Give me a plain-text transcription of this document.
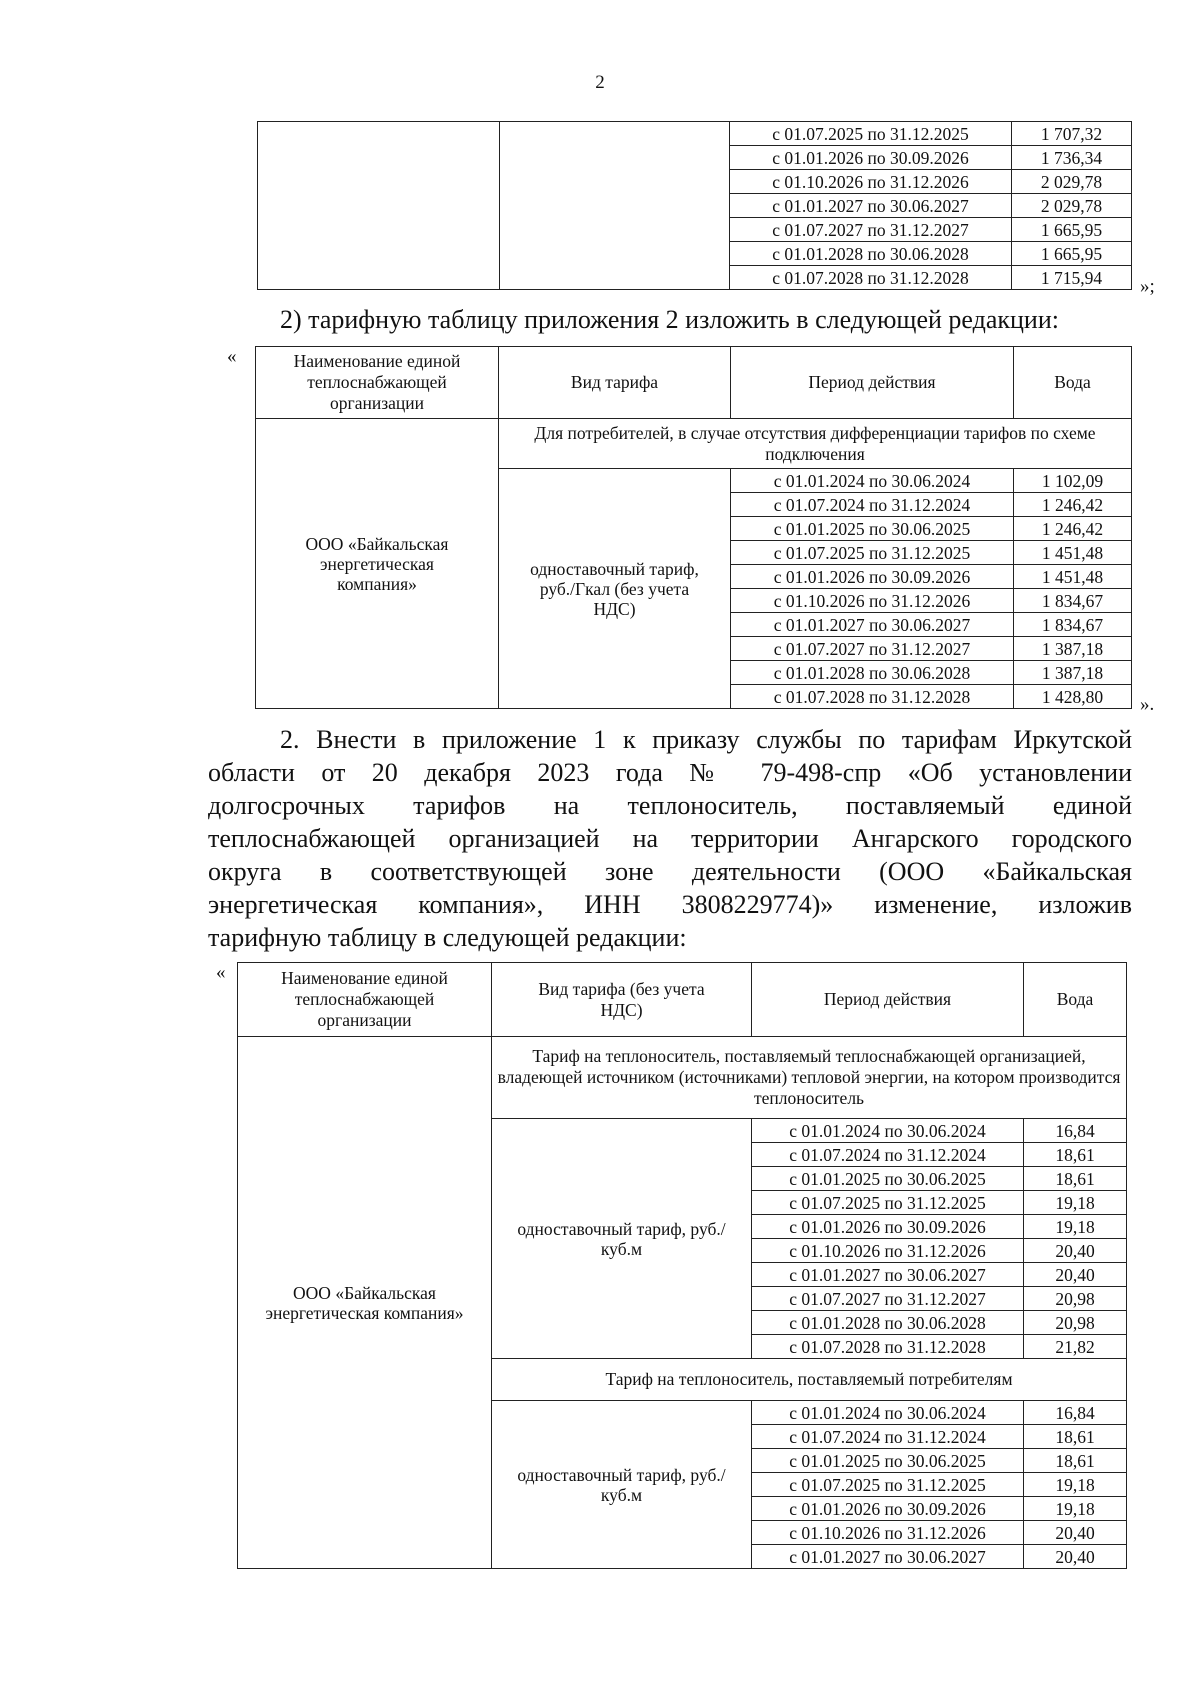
2
		с 01.07.2025 по 31.12.2025	1 707,32
		с 01.01.2026 по 30.09.2026	1 736,34
		с 01.10.2026 по 31.12.2026	2 029,78
		с 01.01.2027 по 30.06.2027	2 029,78
		с 01.07.2027 по 31.12.2027	1 665,95
		с 01.01.2028 по 30.06.2028	1 665,95
		с 01.07.2028 по 31.12.2028	1 715,94 »;
2) тарифную таблицу приложения 2 изложить в следующей редакции:
«	Наименование единой теплоснабжающей организации	Вид тарифа	Период действия	Вода
ООО «Байкальская энергетическая компания»	Для потребителей, в случае отсутствия дифференциации тарифов по схеме подключения		
	одноставочный тариф, руб./Гкал (без учета НДС)	с 01.01.2024 по 30.06.2024	1 102,09
		с 01.07.2024 по 31.12.2024	1 246,42
		с 01.01.2025 по 30.06.2025	1 246,42
		с 01.07.2025 по 31.12.2025	1 451,48
		с 01.01.2026 по 30.09.2026	1 451,48
		с 01.10.2026 по 31.12.2026	1 834,67
		с 01.01.2027 по 30.06.2027	1 834,67
		с 01.07.2027 по 31.12.2027	1 387,18
		с 01.01.2028 по 30.06.2028	1 387,18
		с 01.07.2028 по 31.12.2028	1 428,80 ».
2. Внести в приложение 1 к приказу службы по тарифам Иркутской
области от 20 декабря 2023 года № 79-498-спр «Об установлении
долгосрочных тарифов на теплоноситель, поставляемый единой
теплоснабжающей организацией на территории Ангарского городского
округа в соответствующей зоне деятельности (ООО «Байкальская
энергетическая компания», ИНН 3808229774)» изменение, изложив
тарифную таблицу в следующей редакции:
«	Наименование единой теплоснабжающей организации	Вид тарифа (без учета НДС)	Период действия	Вода
ООО «Байкальская энергетическая компания»	Тариф на теплоноситель, поставляемый теплоснабжающей организацией, владеющей источником (источниками) тепловой энергии, на котором производится теплоноситель		
	одноставочный тариф, руб./куб.м	с 01.01.2024 по 30.06.2024	16,84
		с 01.07.2024 по 31.12.2024	18,61
		с 01.01.2025 по 30.06.2025	18,61
		с 01.07.2025 по 31.12.2025	19,18
		с 01.01.2026 по 30.09.2026	19,18
		с 01.10.2026 по 31.12.2026	20,40
		с 01.01.2027 по 30.06.2027	20,40
		с 01.07.2027 по 31.12.2027	20,98
		с 01.01.2028 по 30.06.2028	20,98
		с 01.07.2028 по 31.12.2028	21,82
	Тариф на теплоноситель, поставляемый потребителям		
	одноставочный тариф, руб./куб.м	с 01.01.2024 по 30.06.2024	16,84
		с 01.07.2024 по 31.12.2024	18,61
		с 01.01.2025 по 30.06.2025	18,61
		с 01.07.2025 по 31.12.2025	19,18
		с 01.01.2026 по 30.09.2026	19,18
		с 01.10.2026 по 31.12.2026	20,40
		с 01.01.2027 по 30.06.2027	20,40
